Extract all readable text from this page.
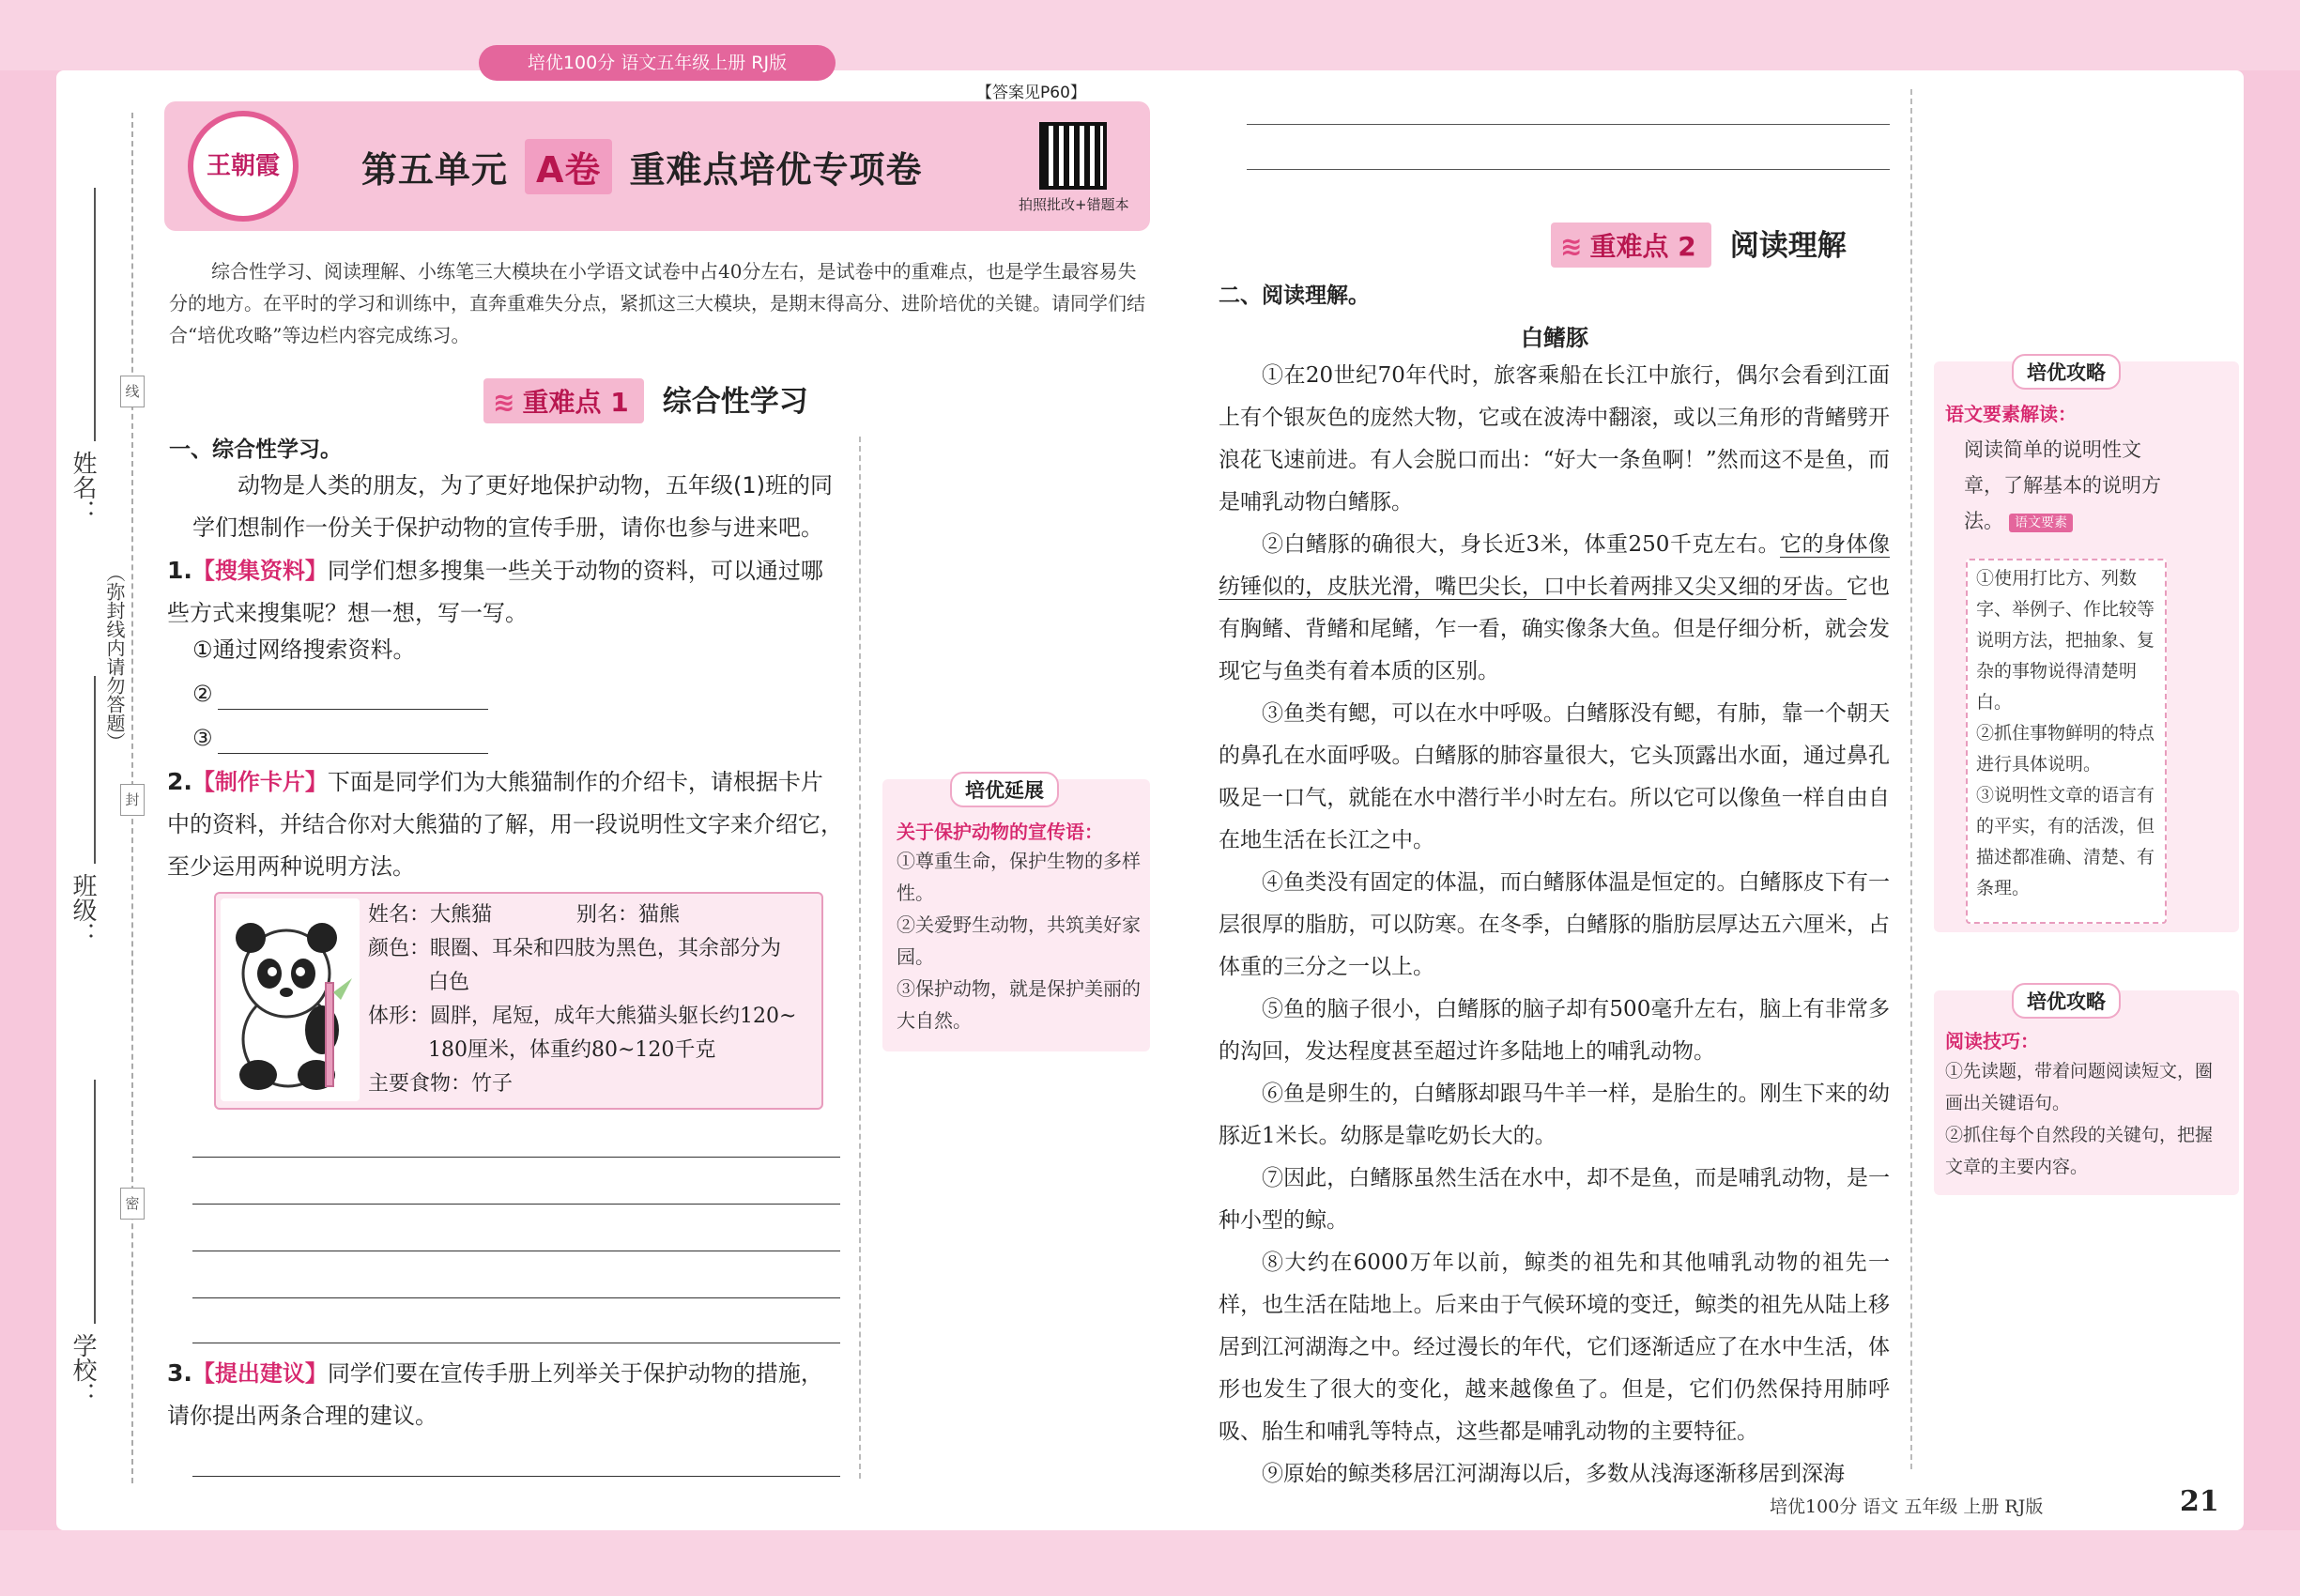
培优100分 语文五年级上册 RJ版
姓名：
班级：
学校：
线
封
密
（弥封线内请勿答题）
王朝霞	第五单元 A卷 重难点培优专项卷
【答案见P60】
拍照批改+错题本
综合性学习、阅读理解、小练笔三大模块在小学语文试卷中占40分左右，是试卷中的重难点，也是学生最容易失分的地方。在平时的学习和训练中，直奔重难失分点，紧抓这三大模块，是期末得高分、进阶培优的关键。请同学们结合“培优攻略”等边栏内容完成练习。
≋ 重难点 1 综合性学习
一、综合性学习。
动物是人类的朋友，为了更好地保护动物，五年级(1)班的同学们想制作一份关于保护动物的宣传手册，请你也参与进来吧。
1.【搜集资料】同学们想多搜集一些关于动物的资料，可以通过哪些方式来搜集呢？想一想，写一写。
①通过网络搜索资料。
②
③
2.【制作卡片】下面是同学们为大熊猫制作的介绍卡，请根据卡片中的资料，并结合你对大熊猫的了解，用一段说明性文字来介绍它，至少运用两种说明方法。
姓名：大熊猫	别名：猫熊
颜色：眼圈、耳朵和四肢为黑色，其余部分为
白色
体形：圆胖，尾短，成年大熊猫头躯长约120~
180厘米，体重约80~120千克
主要食物：竹子
3.【提出建议】同学们要在宣传手册上列举关于保护动物的措施，请你提出两条合理的建议。
培优延展
关于保护动物的宣传语：
①尊重生命，保护生物的多样性。
②关爱野生动物，共筑美好家园。
③保护动物，就是保护美丽的大自然。
≋ 重难点 2 阅读理解
二、阅读理解。
白鳍豚

①在20世纪70年代时，旅客乘船在长江中旅行，偶尔会看到江面上有个银灰色的庞然大物，它或在波涛中翻滚，或以三角形的背鳍劈开浪花飞速前进。有人会脱口而出：“好大一条鱼啊！”然而这不是鱼，而是哺乳动物白鳍豚。

②白鳍豚的确很大，身长近3米，体重250千克左右。它的身体像纺锤似的，皮肤光滑，嘴巴尖长，口中长着两排又尖又细的牙齿。它也有胸鳍、背鳍和尾鳍，乍一看，确实像条大鱼。但是仔细分析，就会发现它与鱼类有着本质的区别。

③鱼类有鳃，可以在水中呼吸。白鳍豚没有鳃，有肺，靠一个朝天的鼻孔在水面呼吸。白鳍豚的肺容量很大，它头顶露出水面，通过鼻孔吸足一口气，就能在水中潜行半小时左右。所以它可以像鱼一样自由自在地生活在长江之中。

④鱼类没有固定的体温，而白鳍豚体温是恒定的。白鳍豚皮下有一层很厚的脂肪，可以防寒。在冬季，白鳍豚的脂肪层厚达五六厘米，占体重的三分之一以上。

⑤鱼的脑子很小，白鳍豚的脑子却有500毫升左右，脑上有非常多的沟回，发达程度甚至超过许多陆地上的哺乳动物。

⑥鱼是卵生的，白鳍豚却跟马牛羊一样，是胎生的。刚生下来的幼豚近1米长。幼豚是靠吃奶长大的。

⑦因此，白鳍豚虽然生活在水中，却不是鱼，而是哺乳动物，是一种小型的鲸。

⑧大约在6000万年以前，鲸类的祖先和其他哺乳动物的祖先一样，也生活在陆地上。后来由于气候环境的变迁，鲸类的祖先从陆上移居到江河湖海之中。经过漫长的年代，它们逐渐适应了在水中生活，体形也发生了很大的变化，越来越像鱼了。但是，它们仍然保持用肺呼吸、胎生和哺乳等特点，这些都是哺乳动物的主要特征。

⑨原始的鲸类移居江河湖海以后，多数从浅海逐渐移居到深海

培优攻略
语文要素解读：
阅读简单的说明性文章，了解基本的说明方法。 语文要素
①使用打比方、列数字、举例子、作比较等说明方法，把抽象、复杂的事物说得清楚明白。
②抓住事物鲜明的特点进行具体说明。
③说明性文章的语言有的平实，有的活泼，但描述都准确、清楚、有条理。
培优攻略
阅读技巧：
①先读题，带着问题阅读短文，圈画出关键语句。
②抓住每个自然段的关键句，把握文章的主要内容。
培优100分 语文 五年级 上册 RJ版	21
